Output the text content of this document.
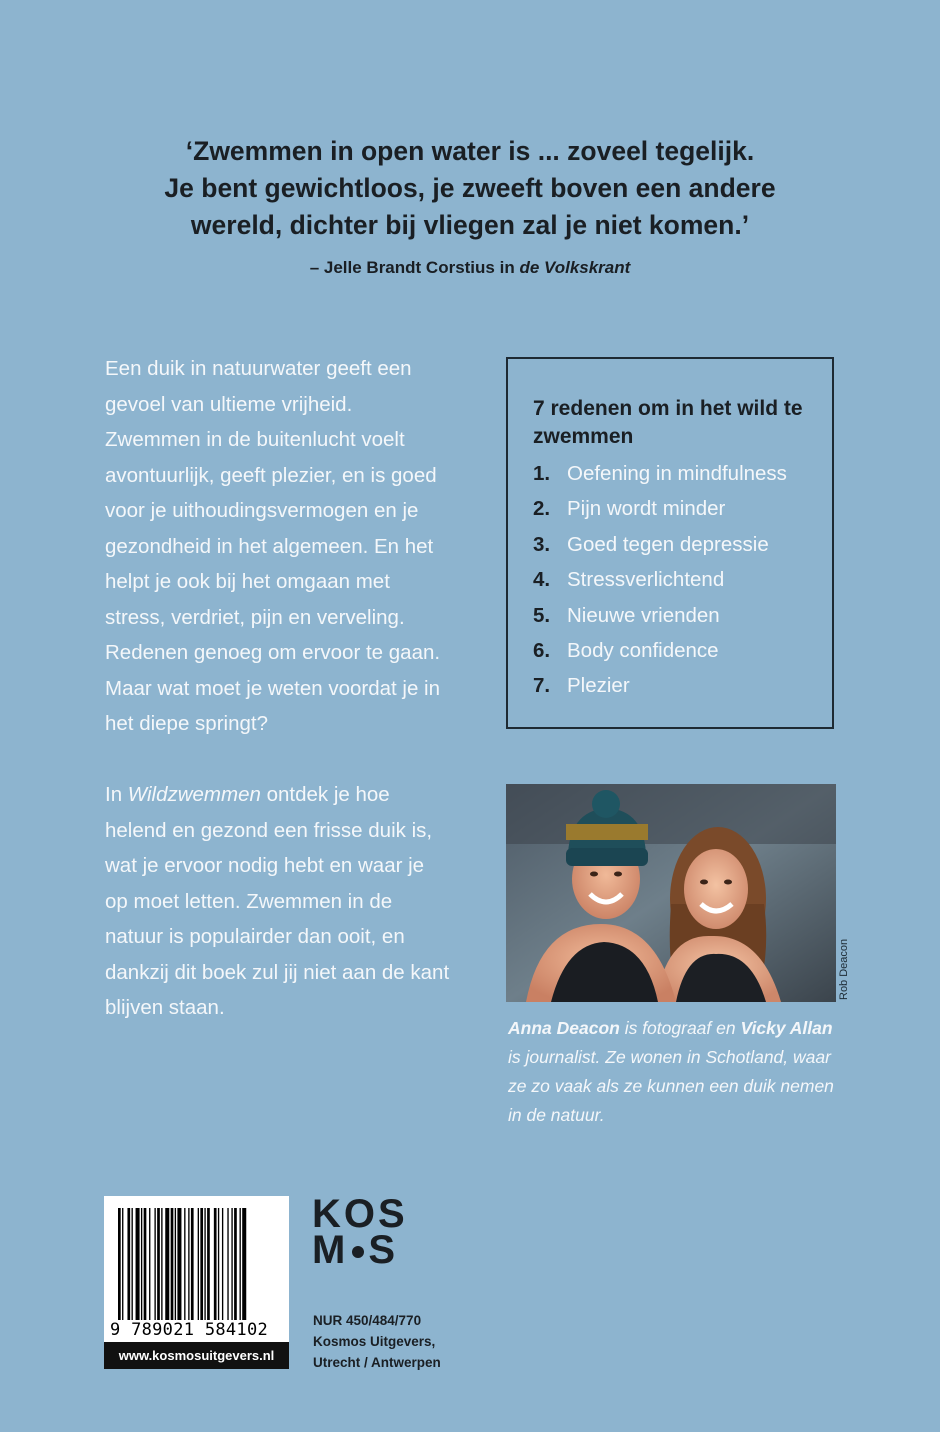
‘Zwemmen in open water is ... zoveel tegelijk.
Je bent gewichtloos, je zweeft boven een andere
wereld, dichter bij vliegen zal je niet komen.’
– Jelle Brandt Corstius in de Volkskrant
Een duik in natuurwater geeft een gevoel van ultieme vrijheid. Zwemmen in de buitenlucht voelt avontuurlijk, geeft plezier, en is goed voor je uithoudingsvermogen en je gezondheid in het algemeen. En het helpt je ook bij het omgaan met stress, verdriet, pijn en verveling. Redenen genoeg om ervoor te gaan. Maar wat moet je weten voordat je in het diepe springt?
In Wildzwemmen ontdek je hoe helend en gezond een frisse duik is, wat je ervoor nodig hebt en waar je op moet letten. Zwemmen in de natuur is populairder dan ooit, en dankzij dit boek zul jij niet aan de kant blijven staan.
7 redenen om in het wild te zwemmen
1. Oefening in mindfulness
2. Pijn wordt minder
3. Goed tegen depressie
4. Stressverlichtend
5. Nieuwe vrienden
6. Body confidence
7. Plezier
Rob Deacon
Anna Deacon is fotograaf en Vicky Allan is journalist. Ze wonen in Schotland, waar ze zo vaak als ze kunnen een duik nemen in de natuur.
9 789021 584102
www.kosmosuitgevers.nl
KOS
M S
NUR 450/484/770
Kosmos Uitgevers,
Utrecht / Antwerpen
